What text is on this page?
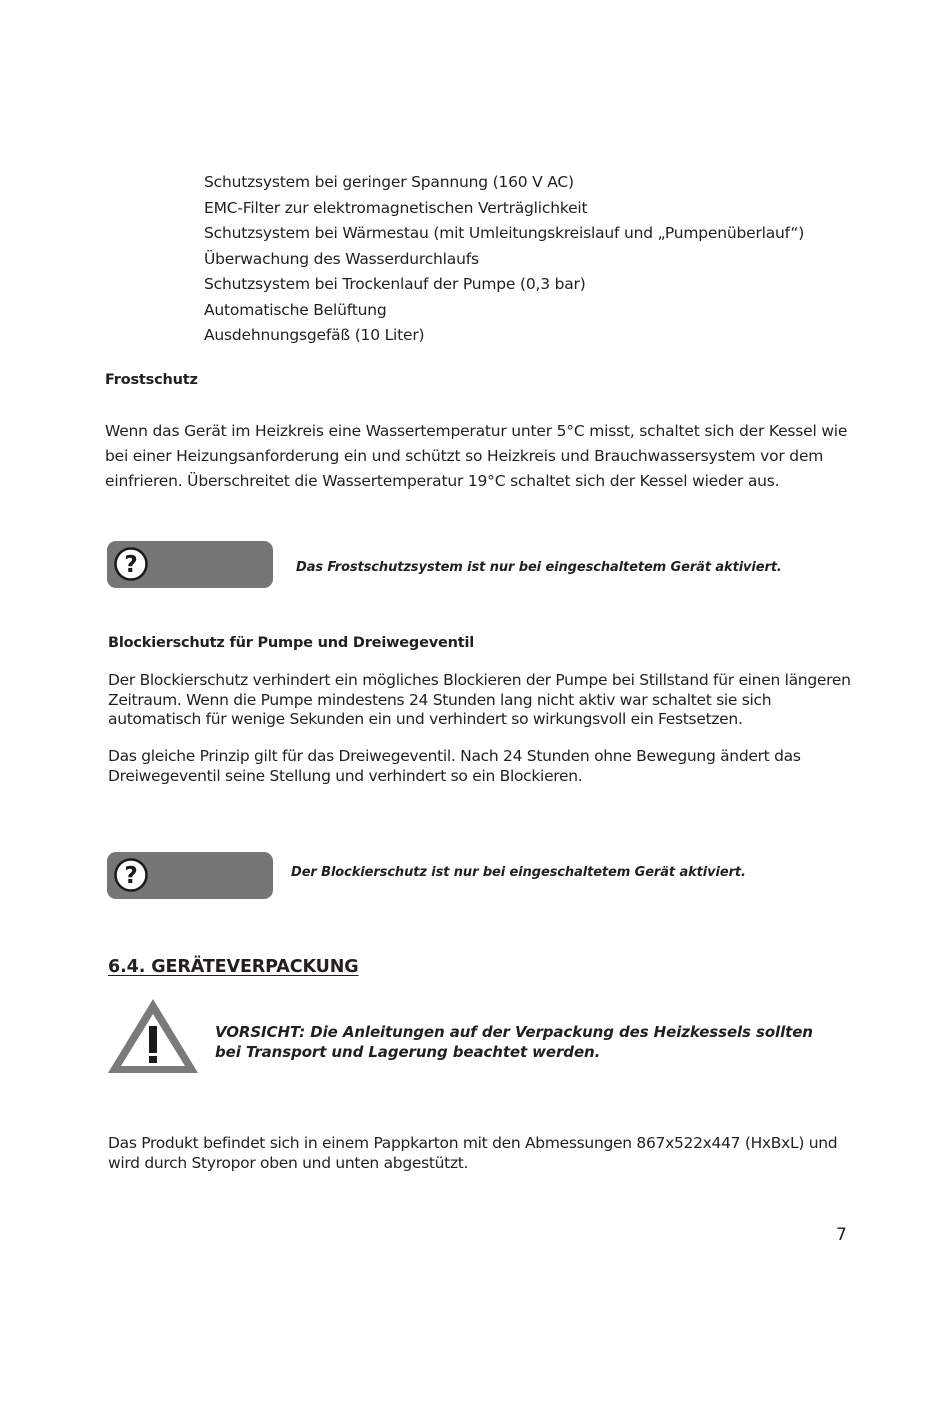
Schutzsystem bei geringer Spannung (160 V AC)
EMC-Filter zur elektromagnetischen Verträglichkeit
Schutzsystem bei Wärmestau (mit Umleitungskreislauf und „Pumpenüberlauf“)
Überwachung des Wasserdurchlaufs
Schutzsystem bei Trockenlauf der Pumpe (0,3 bar)
Automatische Belüftung
Ausdehnungsgefäß (10 Liter)
Frostschutz

Wenn das Gerät im Heizkreis eine Wassertemperatur unter 5°C misst, schaltet sich der Kessel wie bei einer Heizungsanforderung ein und schützt so Heizkreis und Brauchwassersystem vor dem einfrieren. Überschreitet die Wassertemperatur 19°C schaltet sich der Kessel wieder aus.

?	Das Frostschutzsystem ist nur bei eingeschaltetem Gerät aktiviert.
Blockierschutz für Pumpe und Dreiwegeventil

Der Blockierschutz verhindert ein mögliches Blockieren der Pumpe bei Stillstand für einen längeren Zeitraum. Wenn die Pumpe mindestens 24 Stunden lang nicht aktiv war schaltet sie sich automatisch für wenige Sekunden ein und verhindert so wirkungsvoll ein Festsetzen.

Das gleiche Prinzip gilt für das Dreiwegeventil. Nach 24 Stunden ohne Bewegung ändert das Dreiwegeventil seine Stellung und verhindert so ein Blockieren.

?	Der Blockierschutz ist nur bei eingeschaltetem Gerät aktiviert.
6.4. GERÄTEVERPACKUNG

VORSICHT: Die Anleitungen auf der Verpackung des Heizkessels sollten bei Transport und Lagerung beachtet werden.

Das Produkt befindet sich in einem Pappkarton mit den Abmessungen 867x522x447 (HxBxL) und wird durch Styropor oben und unten abgestützt.

7
